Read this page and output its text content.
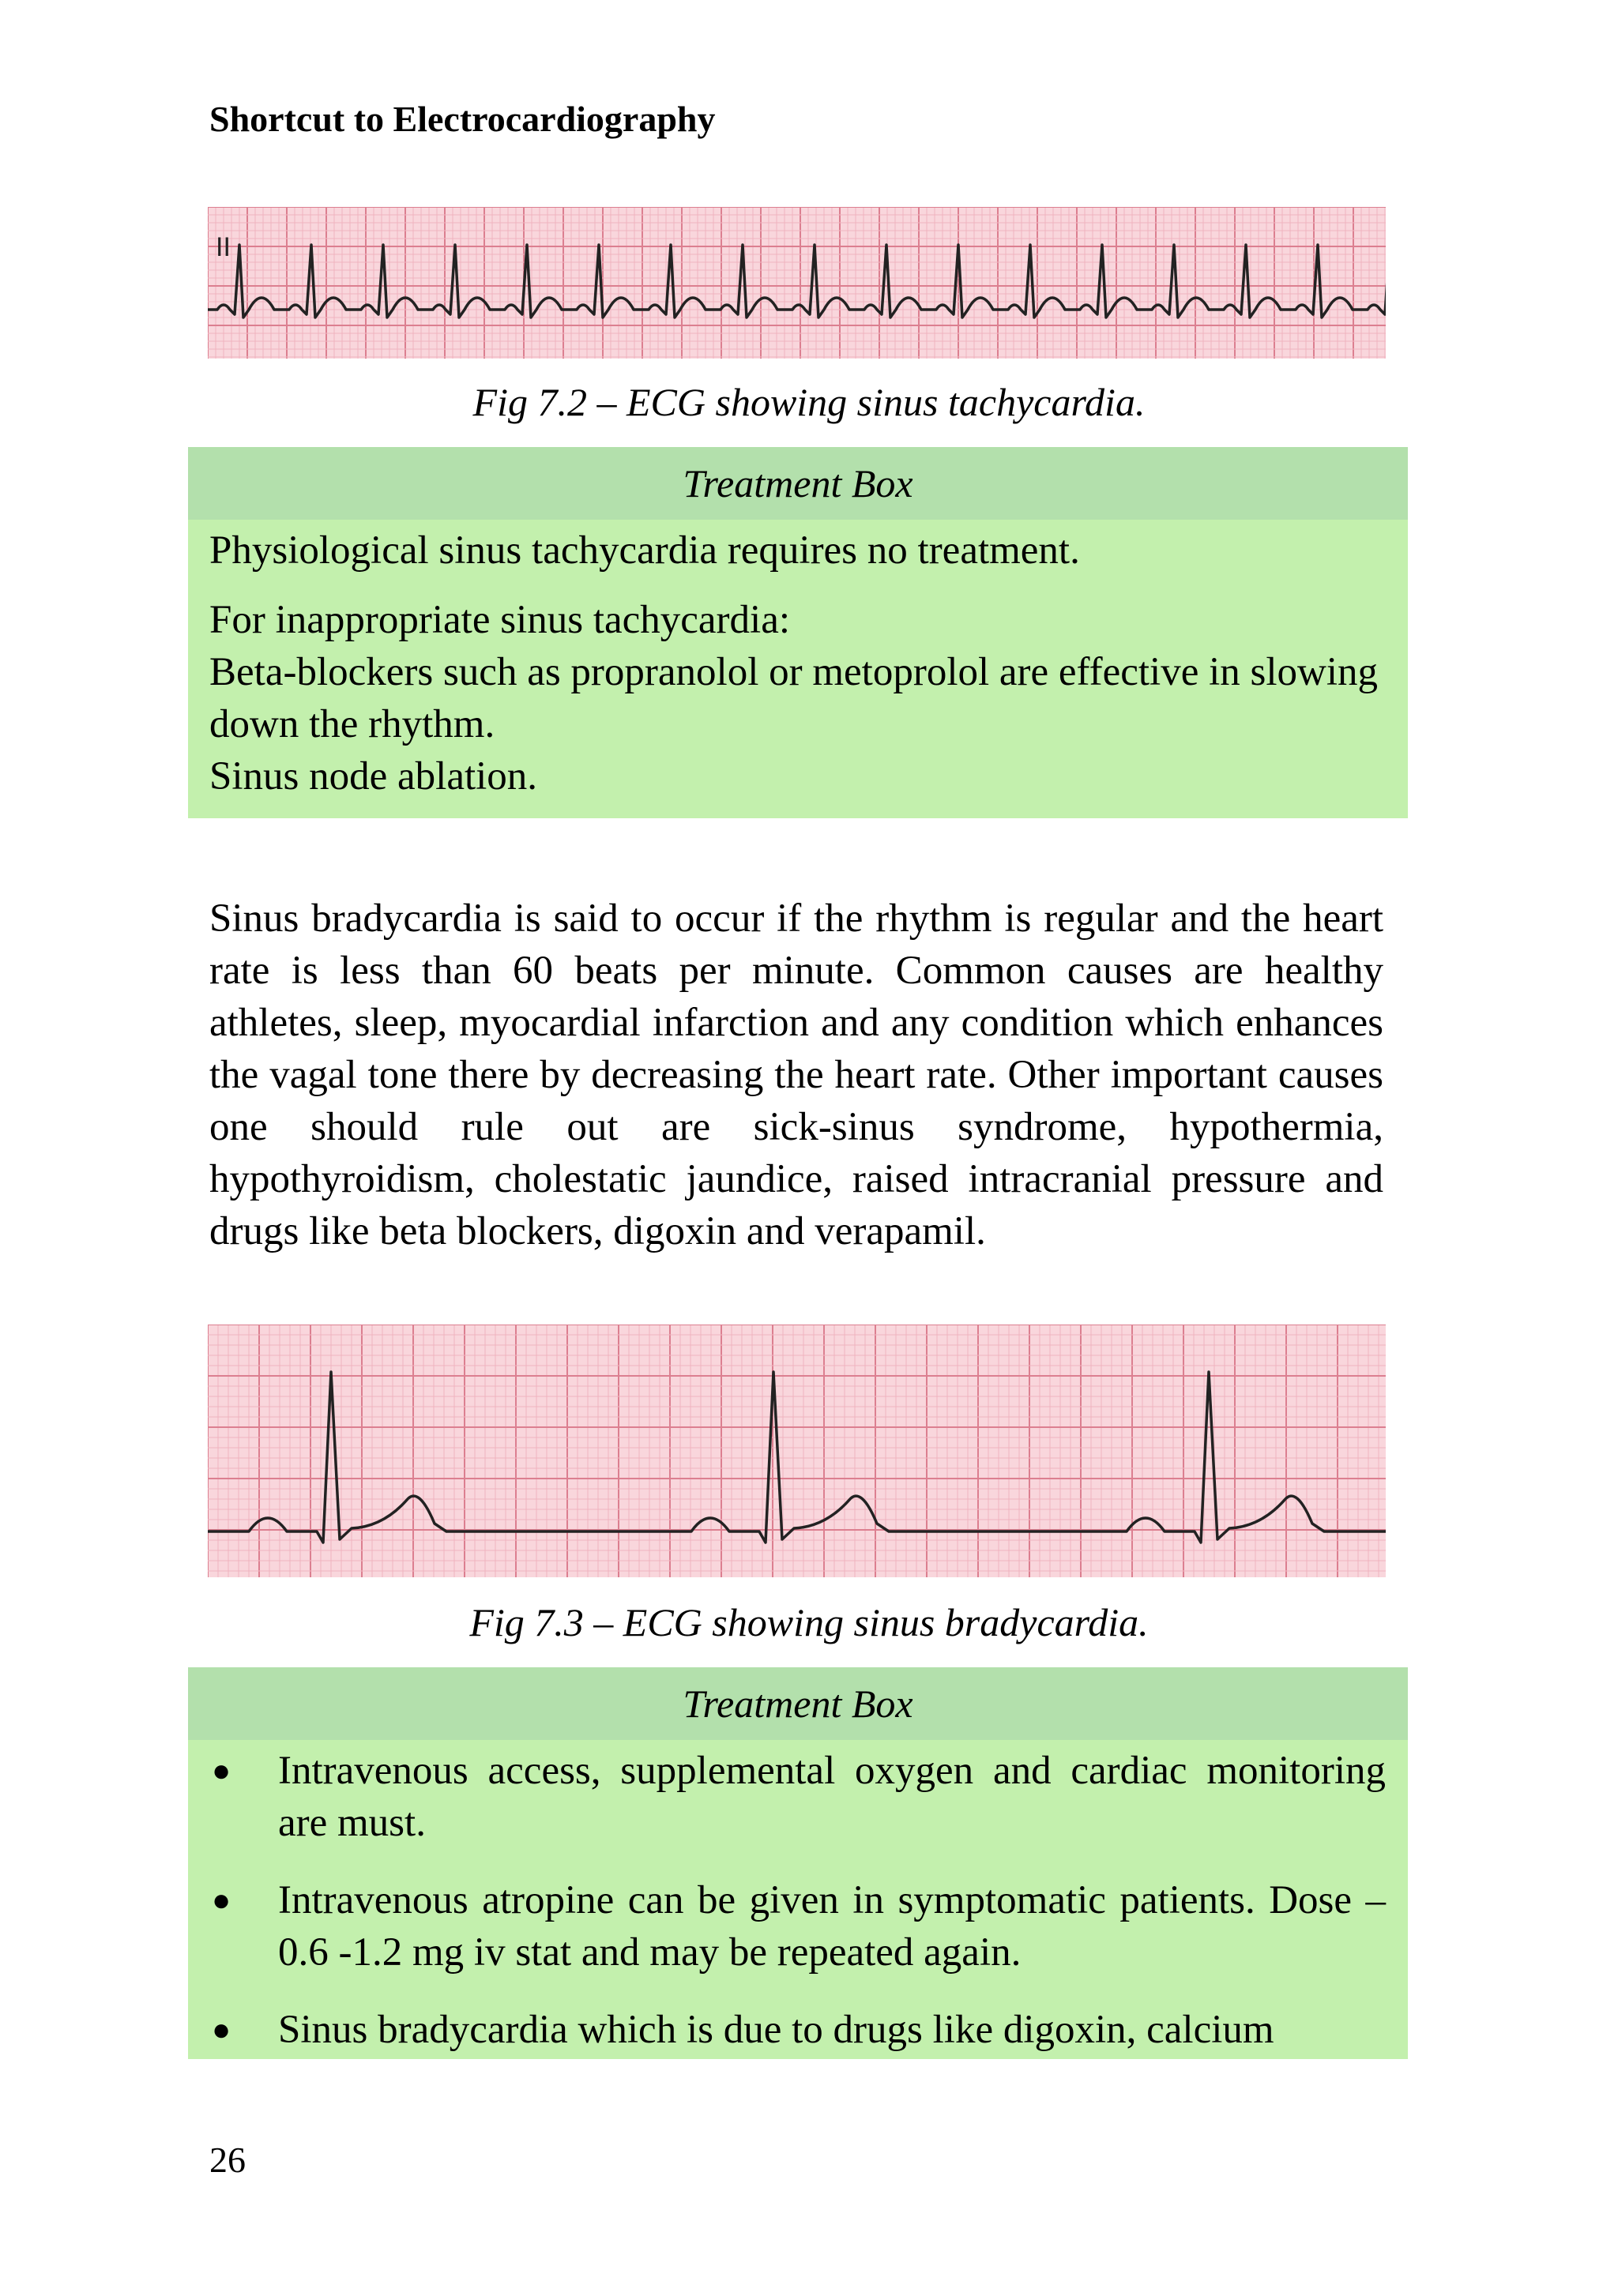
Shortcut to Electrocardiography
II
Fig 7.2 – ECG showing sinus tachycardia.
Treatment Box

Physiological sinus tachycardia requires no treatment.

For inappropriate sinus tachycardia:

Beta-blockers such as propranolol or metoprolol are effective in slowing down the rhythm.

Sinus node ablation.

Sinus bradycardia is said to occur if the rhythm is regular and the heart rate is less than 60 beats per minute. Common causes are healthy athletes, sleep, myocardial infarction and any condition which enhances the vagal tone there by decreasing the heart rate. Other important causes one should rule out are sick-sinus syndrome, hypothermia, hypothyroidism, cholestatic jaundice, raised intracranial pressure and drugs like beta blockers, digoxin and verapamil.

Fig 7.3 – ECG showing sinus bradycardia.
Treatment Box
● Intravenous access, supplemental oxygen and cardiac monitoring are must.
● Intravenous atropine can be given in symptomatic patients. Dose – 0.6 -1.2 mg iv stat and may be repeated again.
● Sinus bradycardia which is due to drugs like digoxin, calcium
26
